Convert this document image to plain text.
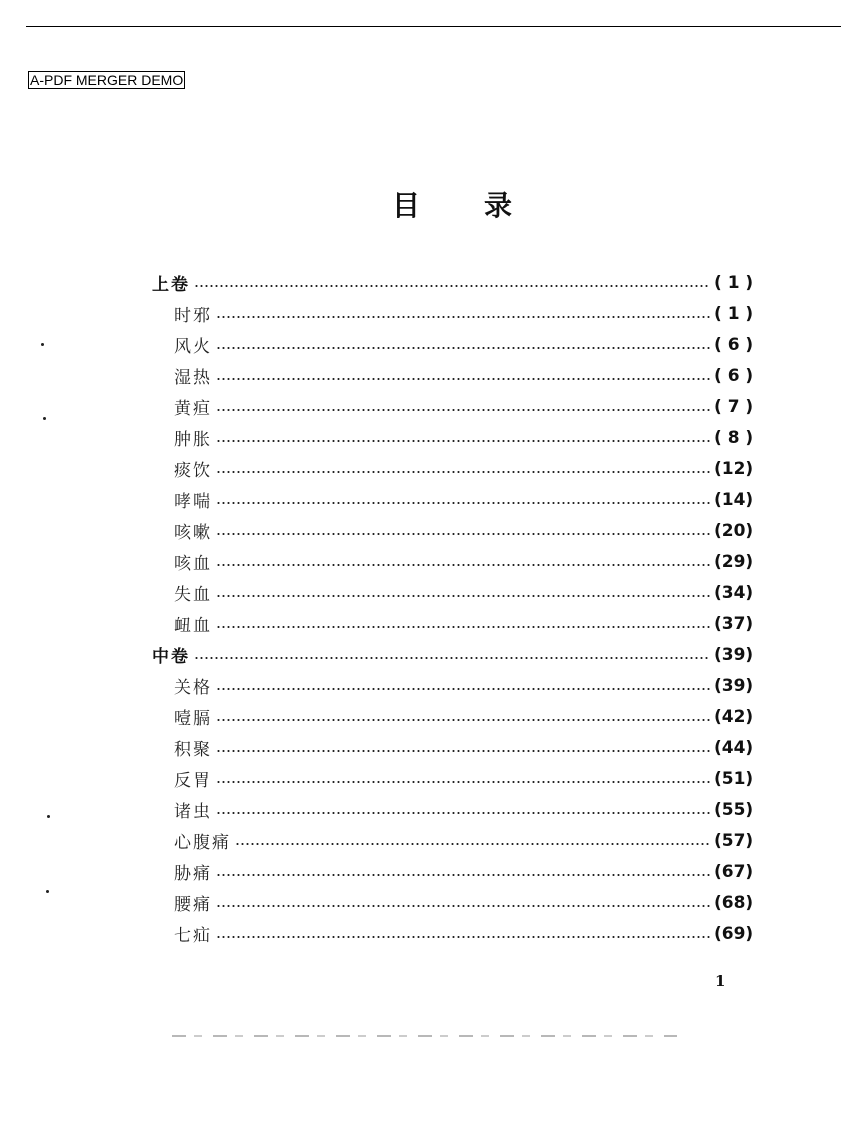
A-PDF MERGER DEMO
目录
上卷	( 1 )
时邪	( 1 )
风火	( 6 )
湿热	( 6 )
黄疸	( 7 )
肿胀	( 8 )
痰饮	(12)
哮喘	(14)
咳嗽	(20)
咳血	(29)
失血	(34)
衄血	(37)
中卷	(39)
关格	(39)
噎膈	(42)
积聚	(44)
反胃	(51)
诸虫	(55)
心腹痛	(57)
胁痛	(67)
腰痛	(68)
七疝	(69)
1
